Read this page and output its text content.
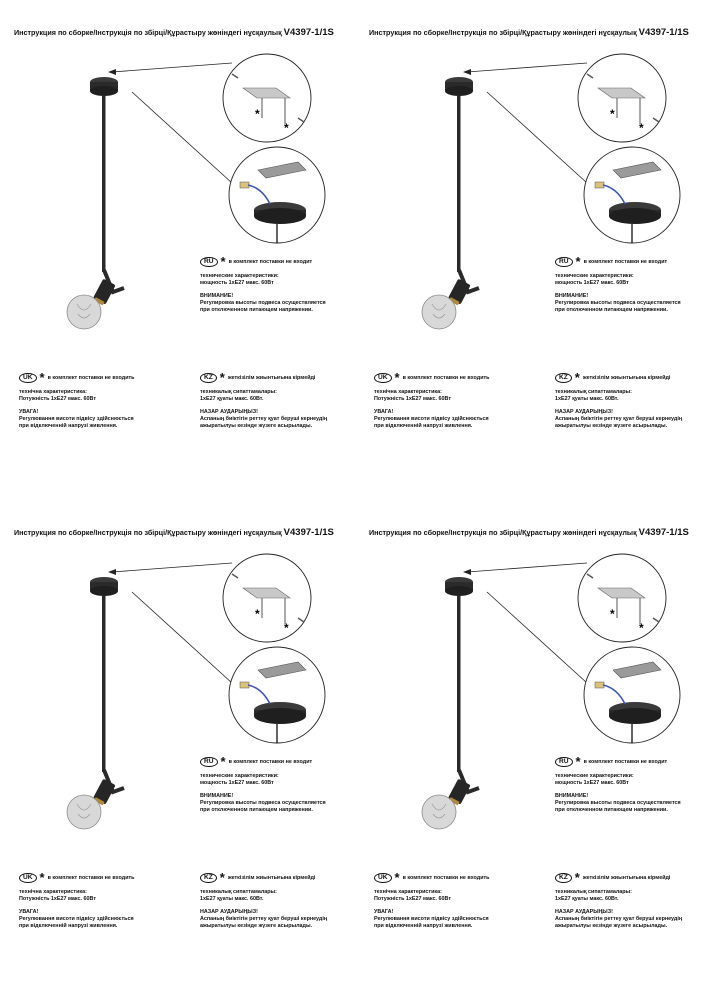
Инструкция по сборке/Інструкція по збірці/Құрастыру жөніндегі нұсқаулық V4397-1/1S
*
*
RU * в комплект поставки не входит
технические характеристики:
мощность 1xE27 макс. 60Вт
ВНИМАНИЕ!
Регулировка высоты подвеса осуществляется
при отключенном питающем напряжении.
UK * в комплект поставки не входить
технічна характеристика:
Потужність 1хЕ27 макс. 60Вт
УВАГА!
Регулювання висоти підвісу здійснюється
при відключенній напрузі живлення.
KZ * жеткізілім жиынтығына кірмейді
техникалық сипаттамалары:
1хЕ27 қуаты макс. 60Вт.
НАЗАР АУДАРЫҢЫЗ!
Аспаның биіктігін реттеу қуат беруші кернеудің
ажыратылуы кезінде жүзеге асырылады.
Инструкция по сборке/Інструкція по збірці/Құрастыру жөніндегі нұсқаулық V4397-1/1S
*
*
RU * в комплект поставки не входит
технические характеристики:
мощность 1xE27 макс. 60Вт
ВНИМАНИЕ!
Регулировка высоты подвеса осуществляется
при отключенном питающем напряжении.
UK * в комплект поставки не входить
технічна характеристика:
Потужність 1хЕ27 макс. 60Вт
УВАГА!
Регулювання висоти підвісу здійснюється
при відключенній напрузі живлення.
KZ * жеткізілім жиынтығына кірмейді
техникалық сипаттамалары:
1хЕ27 қуаты макс. 60Вт.
НАЗАР АУДАРЫҢЫЗ!
Аспаның биіктігін реттеу қуат беруші кернеудің
ажыратылуы кезінде жүзеге асырылады.
Инструкция по сборке/Інструкція по збірці/Құрастыру жөніндегі нұсқаулық V4397-1/1S
*
*
RU * в комплект поставки не входит
технические характеристики:
мощность 1xE27 макс. 60Вт
ВНИМАНИЕ!
Регулировка высоты подвеса осуществляется
при отключенном питающем напряжении.
UK * в комплект поставки не входить
технічна характеристика:
Потужність 1хЕ27 макс. 60Вт
УВАГА!
Регулювання висоти підвісу здійснюється
при відключенній напрузі живлення.
KZ * жеткізілім жиынтығына кірмейді
техникалық сипаттамалары:
1хЕ27 қуаты макс. 60Вт.
НАЗАР АУДАРЫҢЫЗ!
Аспаның биіктігін реттеу қуат беруші кернеудің
ажыратылуы кезінде жүзеге асырылады.
Инструкция по сборке/Інструкція по збірці/Құрастыру жөніндегі нұсқаулық V4397-1/1S
*
*
RU * в комплект поставки не входит
технические характеристики:
мощность 1xE27 макс. 60Вт
ВНИМАНИЕ!
Регулировка высоты подвеса осуществляется
при отключенном питающем напряжении.
UK * в комплект поставки не входить
технічна характеристика:
Потужність 1хЕ27 макс. 60Вт
УВАГА!
Регулювання висоти підвісу здійснюється
при відключенній напрузі живлення.
KZ * жеткізілім жиынтығына кірмейді
техникалық сипаттамалары:
1хЕ27 қуаты макс. 60Вт.
НАЗАР АУДАРЫҢЫЗ!
Аспаның биіктігін реттеу қуат беруші кернеудің
ажыратылуы кезінде жүзеге асырылады.
